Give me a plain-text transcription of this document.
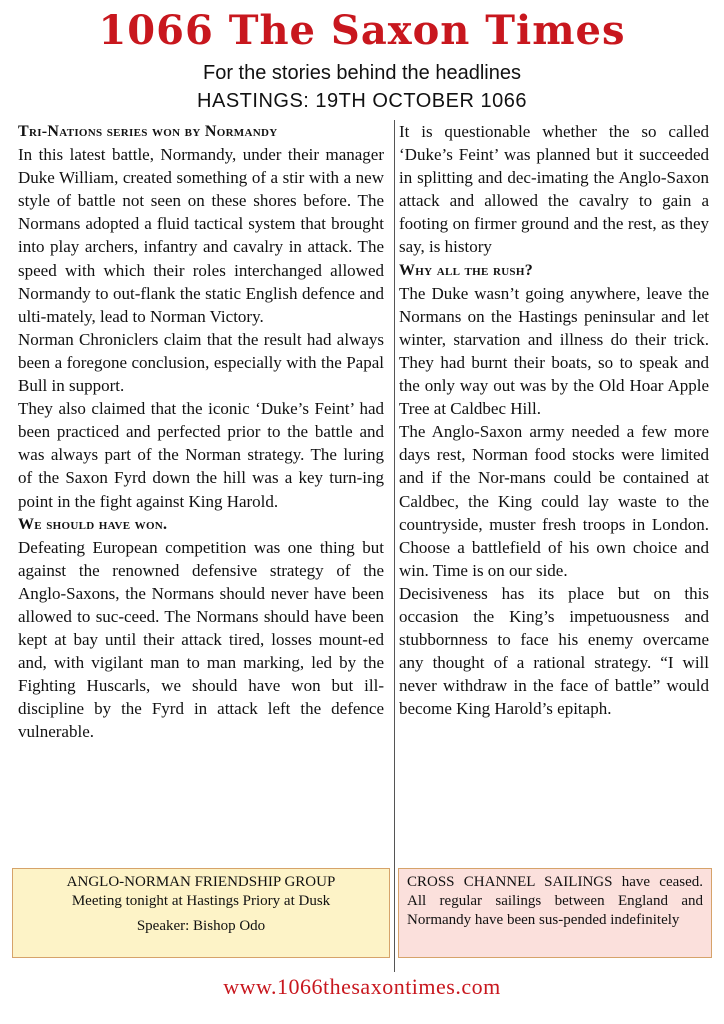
1066 The Saxon Times
For the stories behind the headlines
HASTINGS: 19TH OCTOBER 1066
Tri-Nations series won by Normandy

In this latest battle, Normandy, under their manager Duke William, created something of a stir with a new style of battle not seen on these shores before. The Normans adopted a fluid tactical system that brought into play archers, infantry and cavalry in attack. The speed with which their roles interchanged allowed Normandy to out-flank the static English defence and ulti-mately, lead to Norman Victory.

Norman Chroniclers claim that the result had always been a foregone conclusion, especially with the Papal Bull in support.

They also claimed that the iconic ‘Duke’s Feint’ had been practiced and perfected prior to the battle and was always part of the Norman strategy. The luring of the Saxon Fyrd down the hill was a key turn-ing point in the fight against King Harold.

We should have won.

Defeating European competition was one thing but against the renowned defensive strategy of the Anglo-Saxons, the Normans should never have been allowed to suc-ceed. The Normans should have been kept at bay until their attack tired, losses mount-ed and, with vigilant man to man marking, led by the Fighting Huscarls, we should have won but ill-discipline by the Fyrd in attack left the defence vulnerable.

It is questionable whether the so called ‘Duke’s Feint’ was planned but it succeeded in splitting and dec-imating the Anglo-Saxon attack and allowed the cavalry to gain a footing on firmer ground and the rest, as they say, is history

Why all the rush?

The Duke wasn’t going anywhere, leave the Normans on the Hastings peninsular and let winter, starvation and illness do their trick. They had burnt their boats, so to speak and the only way out was by the Old Hoar Apple Tree at Caldbec Hill.

The Anglo-Saxon army needed a few more days rest, Norman food stocks were limited and if the Nor-mans could be contained at Caldbec, the King could lay waste to the countryside, muster fresh troops in London. Choose a battlefield of his own choice and win. Time is on our side.

Decisiveness has its place but on this occasion the King’s impetuousness and stubbornness to face his enemy overcame any thought of a rational strategy. “I will never withdraw in the face of battle” would become King Harold’s epitaph.

ANGLO-NORMAN FRIENDSHIP GROUP
Meeting tonight at Hastings Priory at Dusk
Speaker: Bishop Odo
CROSS CHANNEL SAILINGS have ceased. All regular sailings between England and Normandy have been sus-pended indefinitely
www.1066thesaxontimes.com
